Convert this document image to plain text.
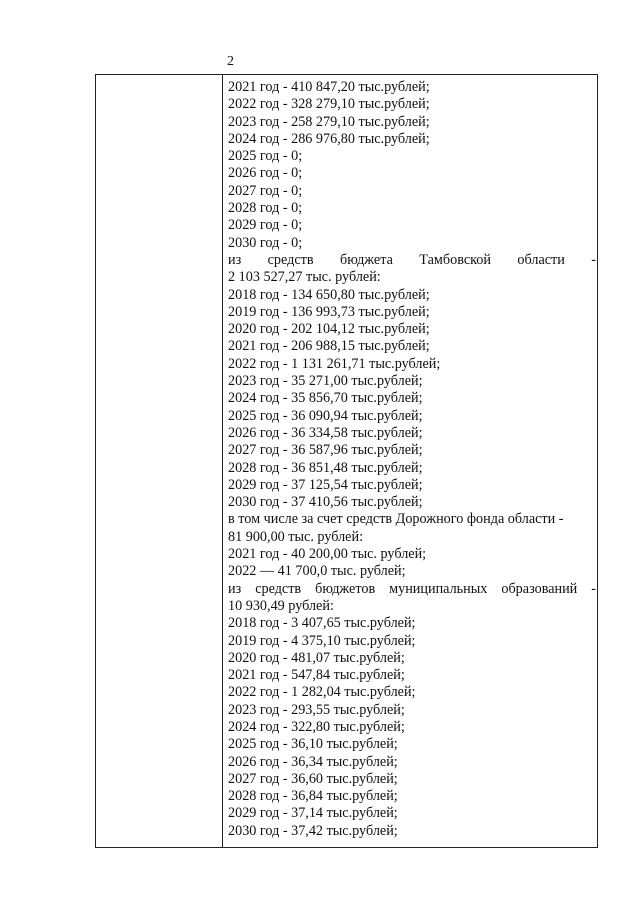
2
2021 год - 410 847,20 тыс.рублей;
2022 год - 328 279,10 тыс.рублей;
2023 год - 258 279,10 тыс.рублей;
2024 год - 286 976,80 тыс.рублей;
2025 год - 0;
2026 год - 0;
2027 год - 0;
2028 год - 0;
2029 год - 0;
2030 год - 0;
из средств бюджета Тамбовской области -
2 103 527,27 тыс. рублей:
2018 год - 134 650,80 тыс.рублей;
2019 год - 136 993,73 тыс.рублей;
2020 год - 202 104,12 тыс.рублей;
2021 год - 206 988,15 тыс.рублей;
2022 год - 1 131 261,71 тыс.рублей;
2023 год - 35 271,00 тыс.рублей;
2024 год - 35 856,70 тыс.рублей;
2025 год - 36 090,94 тыс.рублей;
2026 год - 36 334,58 тыс.рублей;
2027 год - 36 587,96 тыс.рублей;
2028 год - 36 851,48 тыс.рублей;
2029 год - 37 125,54 тыс.рублей;
2030 год - 37 410,56 тыс.рублей;
в том числе за счет средств Дорожного фонда области -
81 900,00 тыс. рублей:
2021 год - 40 200,00 тыс. рублей;
2022 — 41 700,0 тыс. рублей;
из средств бюджетов муниципальных образований -
10 930,49 рублей:
2018 год - 3 407,65 тыс.рублей;
2019 год - 4 375,10 тыс.рублей;
2020 год - 481,07 тыс.рублей;
2021 год - 547,84 тыс.рублей;
2022 год - 1 282,04 тыс.рублей;
2023 год - 293,55 тыс.рублей;
2024 год - 322,80 тыс.рублей;
2025 год - 36,10 тыс.рублей;
2026 год - 36,34 тыс.рублей;
2027 год - 36,60 тыс.рублей;
2028 год - 36,84 тыс.рублей;
2029 год - 37,14 тыс.рублей;
2030 год - 37,42 тыс.рублей;
